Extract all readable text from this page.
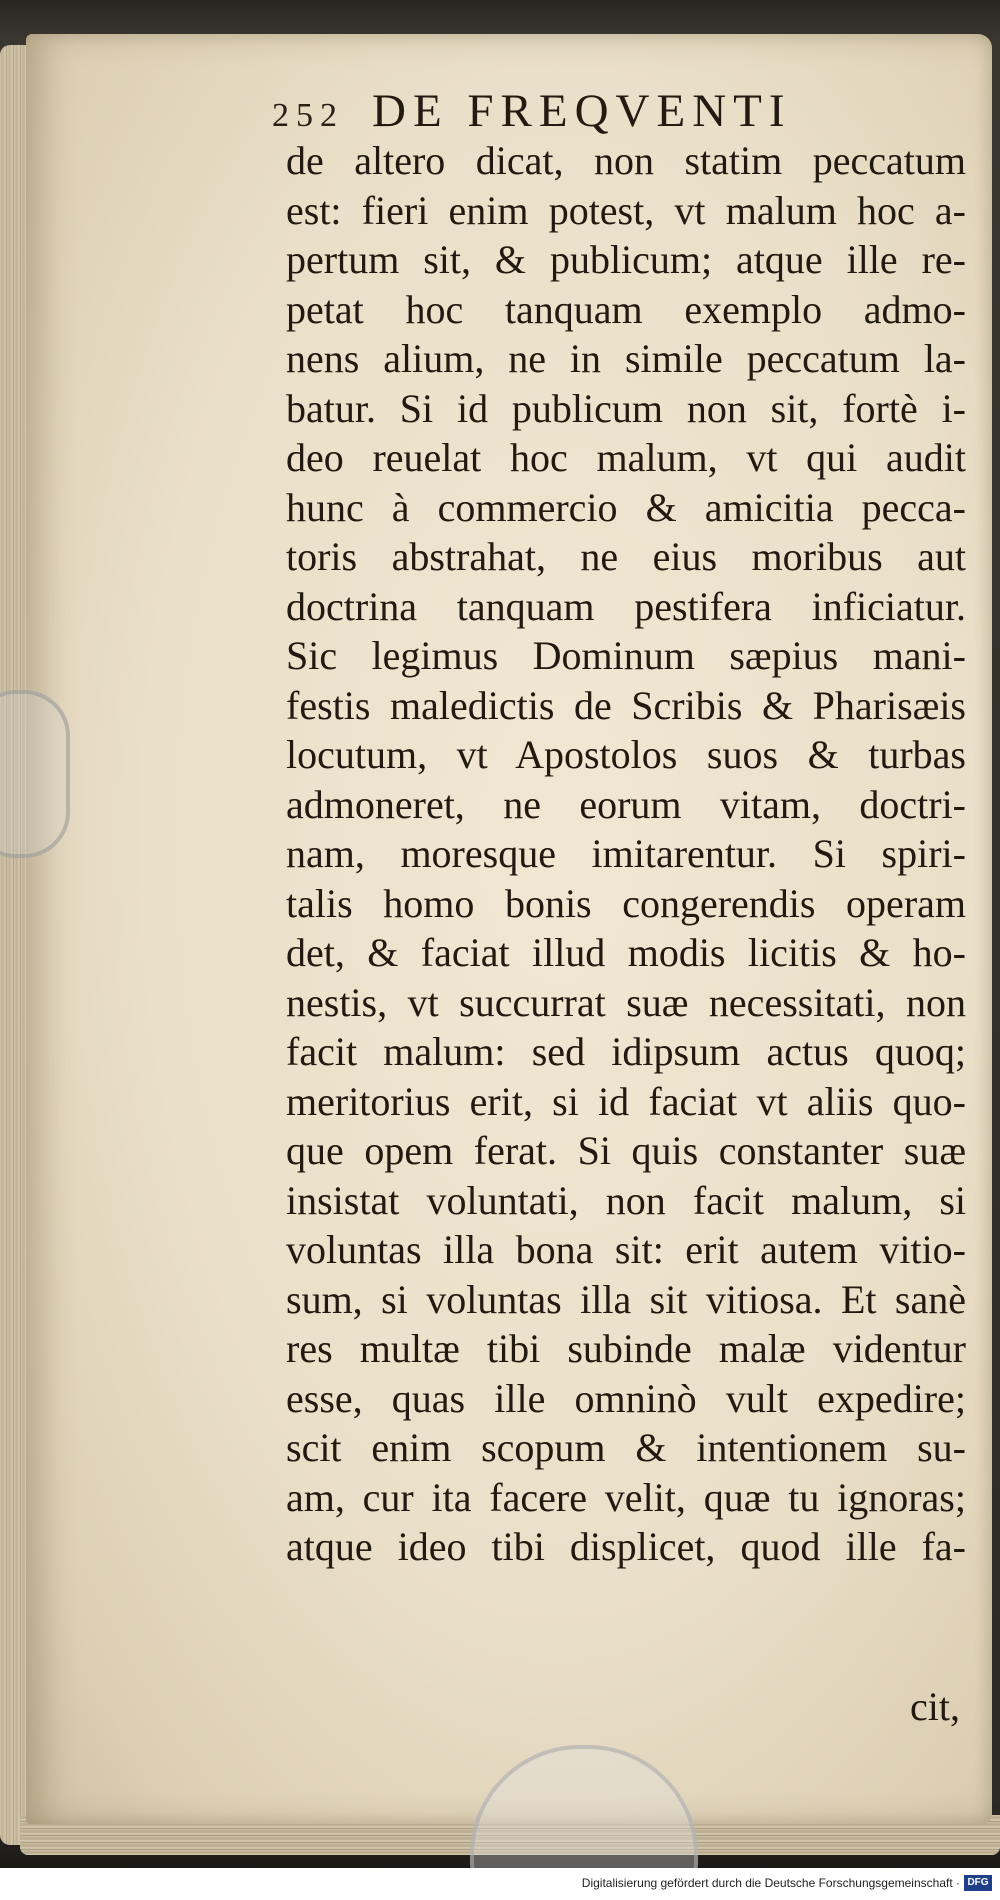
252 DE FREQVENTI
de altero dicat, non statim peccatum
est: fieri enim potest, vt malum hoc a-
pertum sit, & publicum; atque ille re-
petat hoc tanquam exemplo admo-
nens alium, ne in simile peccatum la-
batur. Si id publicum non sit, fortè i-
deo reuelat hoc malum, vt qui audit
hunc à commercio & amicitia pecca-
toris abstrahat, ne eius moribus aut
doctrina tanquam pestifera inficiatur.
Sic legimus Dominum sæpius mani-
festis maledictis de Scribis & Pharisæis
locutum, vt Apostolos suos & turbas
admoneret, ne eorum vitam, doctri-
nam, moresque imitarentur. Si spiri-
talis homo bonis congerendis operam
det, & faciat illud modis licitis & ho-
nestis, vt succurrat suæ necessitati, non
facit malum: sed idipsum actus quoq;
meritorius erit, si id faciat vt aliis quo-
que opem ferat. Si quis constanter suæ
insistat voluntati, non facit malum, si
voluntas illa bona sit: erit autem vitio-
sum, si voluntas illa sit vitiosa. Et sanè
res multæ tibi subinde malæ videntur
esse, quas ille omninò vult expedire;
scit enim scopum & intentionem su-
am, cur ita facere velit, quæ tu ignoras;
atque ideo tibi displicet, quod ille fa-
cit,
Digitalisierung gefördert durch die Deutsche Forschungsgemeinschaft · DFG
